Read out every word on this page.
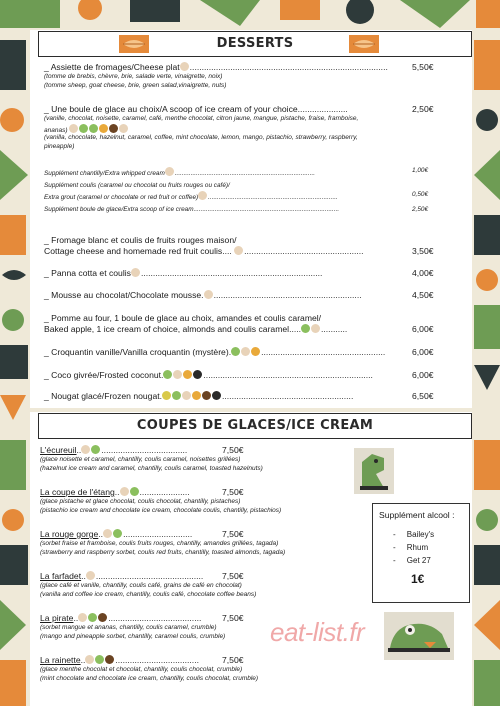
DESSERTS
_ Assiette de fromages/Cheese plat ...................................................................................	5,50€
(tomme de brebis, chèvre, brie, salade verte, vinaigrette, noix)
(tomme sheep, goat cheese, brie, green salad,vinaigrette, nuts)
_ Une boule de glace au choix/A scoop of ice cream of your choice.....................	2,50€
(vanille, chocolat, noisette, caramel, café, menthe chocolat, citron jaune, mangue, pistache, fraise, framboise,
ananas)
(vanilla, chocolate, hazelnut, caramel, coffee, mint chocolate, lemon, mango, pistachio, strawberry, raspberry,
pineapple)
Supplément chantilly/Extra whipped cream ...............................................................................	1,00€
Supplément coulis (caramel ou chocolat ou fruits rouges ou café)/
Extra grout (caramel or chocolate or red fruit or coffee) .........................................................................	0,50€
Supplément boule de glace/Extra scoop of ice cream..................................................................................	2,50€
_ Fromage blanc et coulis de fruits rouges maison/
Cottage cheese and homemade red fruit coulis.... ..................................................	3,50€
_ Panna cotta et coulis ............................................................................	4,00€
_ Mousse au chocolat/Chocolate mousse. ..............................................................	4,50€
_ Pomme au four, 1 boule de glace au choix, amandes et coulis caramel/
Baked apple, 1 ice cream of choice, almonds and coulis caramel..... ...........	6,00€
_ Croquantin vanille/Vanilla croquantin (mystère).	....................................................	6,00€
_ Coco givrée/Frosted coconut.	.......................................................................	6,00€
_ Nougat glacé/Frozen nougat.	.......................................................	6,50€
COUPES DE GLACES/ICE CREAM
L'écureuil.. ....................................	7,50€
(glace noisette et caramel, chantilly, coulis caramel, noisettes grillées)
(hazelnut ice cream and caramel, chantilly, coulis caramel, toasted hazelnuts)
La coupe de l'étang.. .....................	7,50€
(glace pistache et glace chocolat, coulis chocolat, chantilly, pistaches)
(pistachio ice cream and chocolate ice cream, chocolate coulis, chantilly, pistachios)
La rouge gorge.. .............................	7,50€
(sorbet fraise et framboise, coulis fruits rouges, chantilly, amandes grillées, tagada)
(strawberry and raspberry sorbet, coulis red fruits, chantilly, toasted almonds, tagada)
La farfadet.. ............................................. 7,50€
(glace café et vanille, chantilly, coulis café, grains de café en chocolat)
(vanilla and coffee ice cream, chantilly, coulis café, chocolate coffee beans)
La pirate..	....................................... 7,50€
(sorbet mangue et ananas, chantilly, coulis caramel, crumble)
(mango and pineapple sorbet, chantilly, caramel coulis, crumble)
La rainette..	...................................	7,50€
(glace menthe chocolat et chocolat, chantilly, coulis chocolat, crumble)
(mint chocolate and chocolate ice cream, chantilly, coulis chocolat, crumble)
Supplément alcool :
-     Bailey's
-     Rhum
-     Get 27
1€
eat-list.fr
